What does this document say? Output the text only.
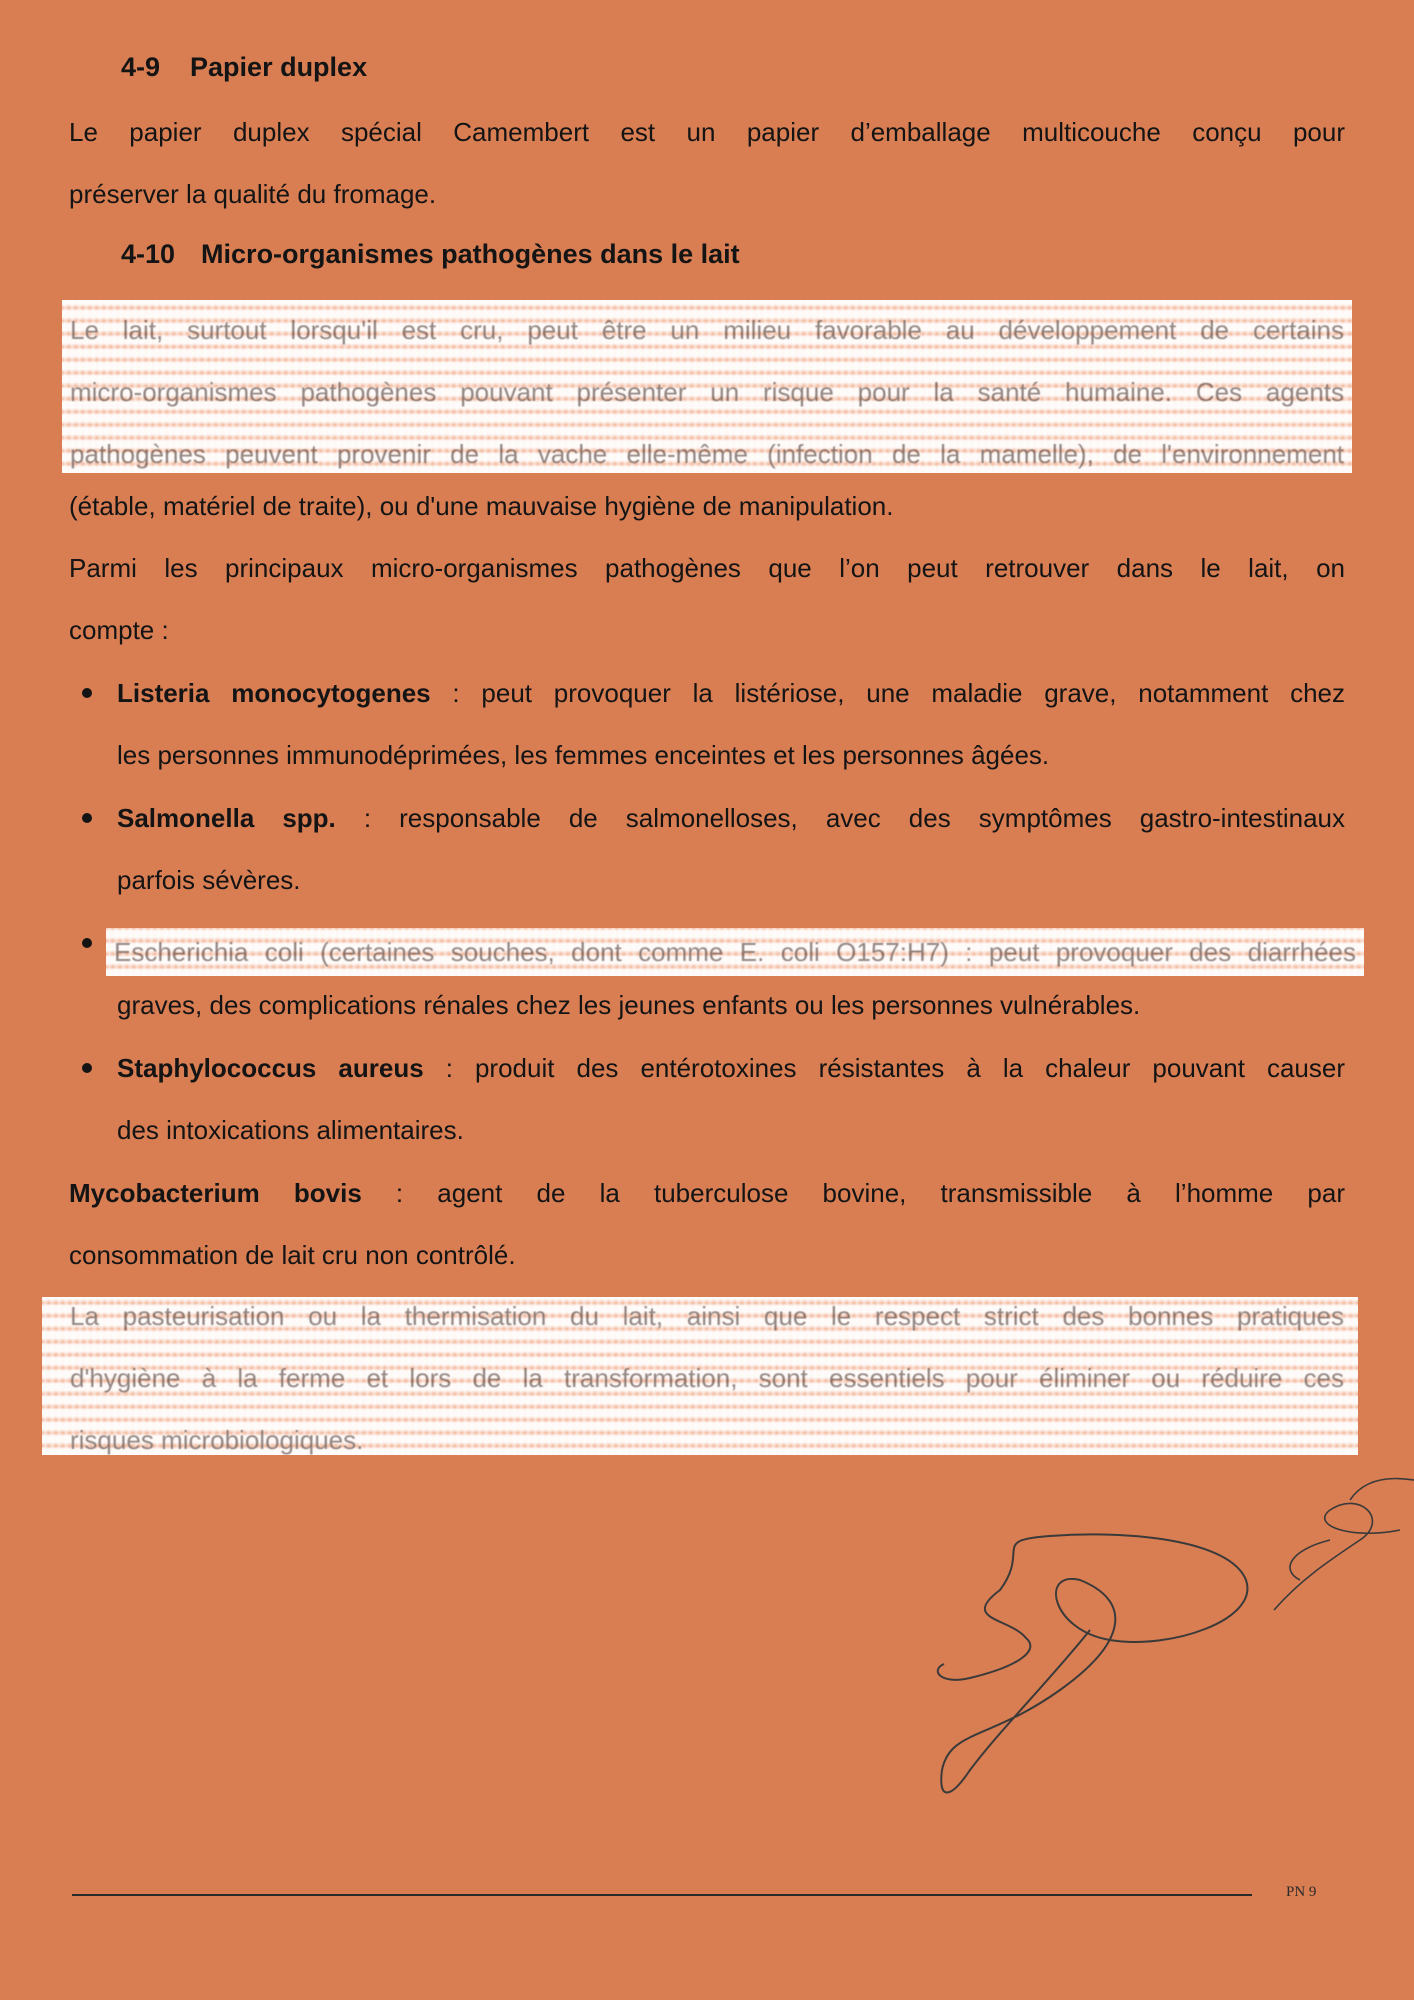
4-9 Papier duplex
Le papier duplex spécial Camembert est un papier d’emballage multicouche conçu pour
préserver la qualité du fromage.
4-10 Micro-organismes pathogènes dans le lait
Le lait, surtout lorsqu'il est cru, peut être un milieu favorable au développement de certains
micro-organismes pathogènes pouvant présenter un risque pour la santé humaine. Ces agents
pathogènes peuvent provenir de la vache elle-même (infection de la mamelle), de l'environnement
(étable, matériel de traite), ou d'une mauvaise hygiène de manipulation.
Parmi les principaux micro-organismes pathogènes que l’on peut retrouver dans le lait, on
compte :
Listeria monocytogenes : peut provoquer la listériose, une maladie grave, notamment chez
les personnes immunodéprimées, les femmes enceintes et les personnes âgées.
Salmonella spp. : responsable de salmonelloses, avec des symptômes gastro-intestinaux
parfois sévères.
Escherichia coli (certaines souches, dont comme E. coli O157:H7) : peut provoquer des diarrhées
graves, des complications rénales chez les jeunes enfants ou les personnes vulnérables.
Staphylococcus aureus : produit des entérotoxines résistantes à la chaleur pouvant causer
des intoxications alimentaires.
Mycobacterium bovis : agent de la tuberculose bovine, transmissible à l’homme par
consommation de lait cru non contrôlé.
La pasteurisation ou la thermisation du lait, ainsi que le respect strict des bonnes pratiques
d'hygiène à la ferme et lors de la transformation, sont essentiels pour éliminer ou réduire ces
risques microbiologiques.
PN 9
